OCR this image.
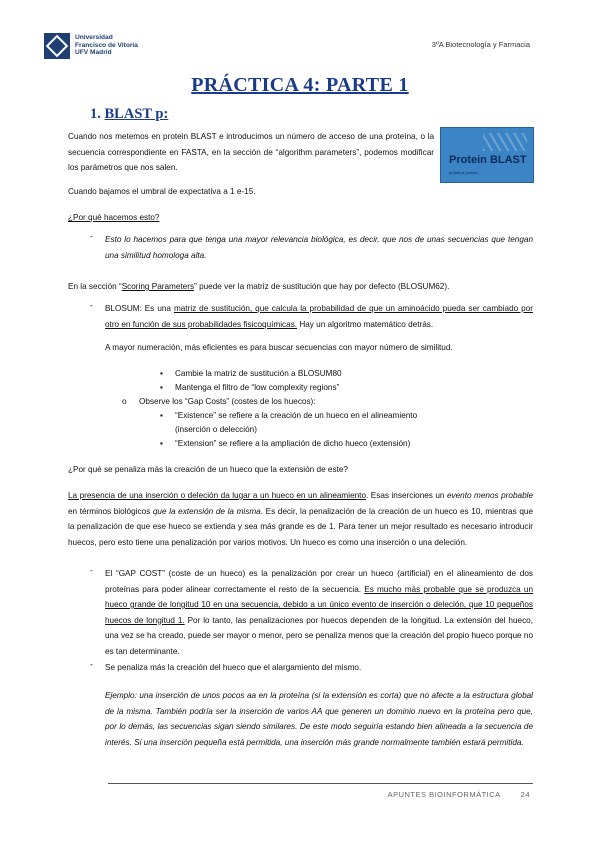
Universidad
Francisco de Vitoria
UFV Madrid
3ºA Biotecnología y Farmacia
PRÁCTICA 4: PARTE 1
1. BLAST p:
Protein BLAST
protein ▸ protein
Cuando nos metemos en protein BLAST e introducimos un número de acceso de una proteína, o la secuencia correspondiente en FASTA, en la sección de “algorithm parameters”, podemos modificar los parámetros que nos salen.
Cuando bajamos el umbral de expectativa a 1 e-15.
¿Por qué hacemos esto?
- Esto lo hacemos para que tenga una mayor relevancia biológica, es decir, que nos de unas secuencias que tengan una similitud homologa alta.
En la sección “Scoring Parameters” puede ver la matriz de sustitución que hay por defecto (BLOSUM62).
- BLOSUM: Es una matriz de sustitución, que calcula la probabilidad de que un aminoácido pueda ser cambiado por otro en función de sus probabilidades fisicoquímicas. Hay un algoritmo matemático detrás.
A mayor numeración, más eficientes es para buscar secuencias con mayor número de similitud.
▪ Cambie la matriz de sustitución a BLOSUM80
▪ Mantenga el filtro de “low complexity regions”
o Observe los “Gap Costs” (costes de los huecos):
▪ “Existence” se refiere a la creación de un hueco en el alineamiento
(inserción o delección)
▪ “Extension” se refiere a la ampliación de dicho hueco (extensión)
¿Por qué se penaliza más la creación de un hueco que la extensión de este?
La presencia de una inserción o deleción da lugar a un hueco en un alineamiento. Esas inserciones un evento menos probable en términos biológicos que la extensión de la misma. Es decir, la penalización de la creación de un hueco es 10, mientras que la penalización de que ese hueco se extienda y sea más grande es de 1. Para tener un mejor resultado es necesario introducir huecos, pero esto tiene una penalización por varios motivos. Un hueco es como una inserción o una deleción.
- El “GAP COST” (coste de un hueco) es la penalización por crear un hueco (artificial) en el alineamiento de dos proteínas para poder alinear correctamente el resto de la secuencia. Es mucho más probable que se produzca un hueco grande de longitud 10 en una secuencia, debido a un único evento de inserción o deleción, que 10 pequeños huecos de longitud 1. Por lo tanto, las penalizaciones por huecos dependen de la longitud. La extensión del hueco, una vez se ha creado, puede ser mayor o menor, pero se penaliza menos que la creación del propio hueco porque no es tan determinante.
- Se penaliza más la creación del hueco que el alargamiento del mismo.
Ejemplo: una inserción de unos pocos aa en la proteína (si la extensión es corta) que no afecte a la estructura global de la misma. También podría ser la inserción de varios AA que generen un dominio nuevo en la proteína pero que, por lo demás, las secuencias sigan siendo similares. De este modo seguiría estando bien alineada a la secuencia de interés. Si una inserción pequeña está permitida, una inserción más grande normalmente también estará permitida.
APUNTES BIOINFORMÁTICA	24
